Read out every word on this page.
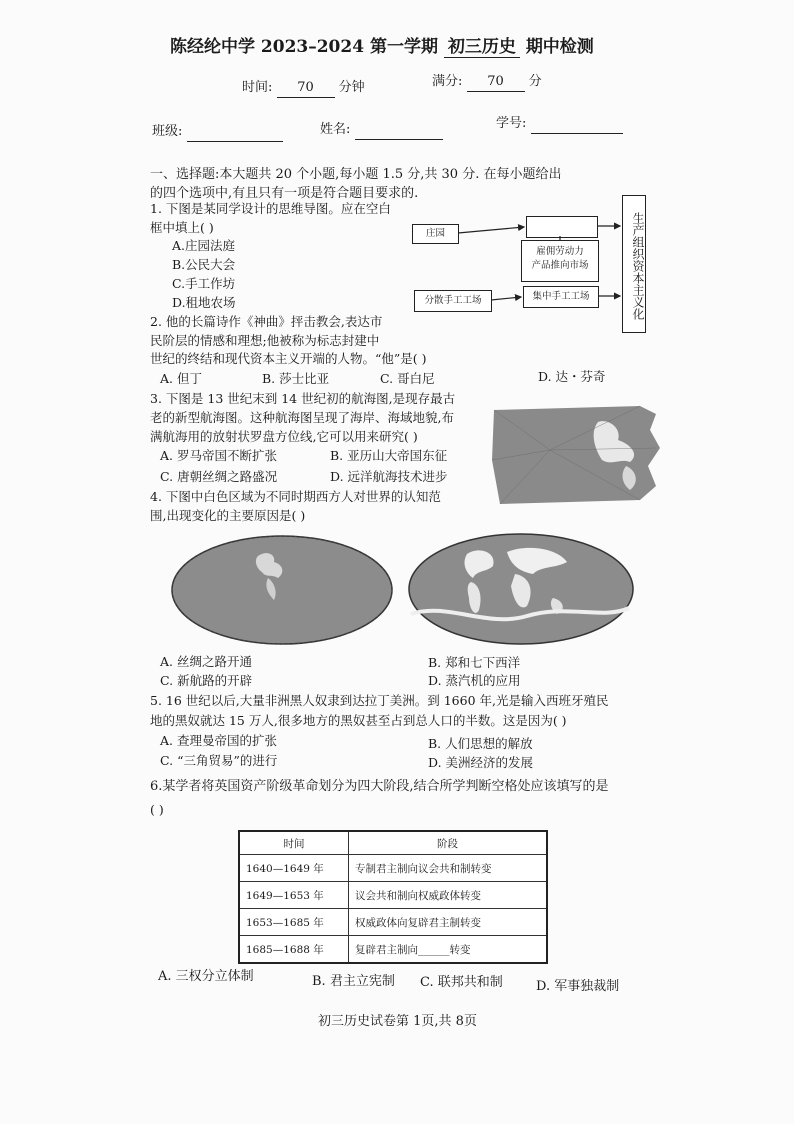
陈经纶中学 2023–2024 第一学期 初三历史 期中检测
时间: 70 分钟	满分: 70 分
班级:	姓名:	学号:
一、选择题:本大题共 20 个小题,每小题 1.5 分,共 30 分. 在每小题给出
的四个选项中,有且只有一项是符合题目要求的.
1. 下图是某同学设计的思维导图。应在空白
框中填上( )
A.庄园法庭
B.公民大会
C.手工作坊
D.租地农场
庄园
雇佣劳动力
产品推向市场
分散手工工场	集中手工工场	生产组织资本主义化
2. 他的长篇诗作《神曲》抨击教会,表达市
民阶层的情感和理想;他被称为标志封建中
世纪的终结和现代资本主义开端的人物。“他”是( )
A. 但丁	B. 莎士比亚	C. 哥白尼	D. 达・芬奇
3. 下图是 13 世纪末到 14 世纪初的航海图,是现存最古
老的新型航海图。这种航海图呈现了海岸、海域地貌,布
满航海用的放射状罗盘方位线,它可以用来研究( )
A. 罗马帝国不断扩张	B. 亚历山大帝国东征
C. 唐朝丝绸之路盛况	D. 远洋航海技术进步
4. 下图中白色区域为不同时期西方人对世界的认知范
围,出现变化的主要原因是( )
A. 丝绸之路开通	B. 郑和七下西洋
C. 新航路的开辟	D. 蒸汽机的应用
5. 16 世纪以后,大量非洲黑人奴隶到达拉丁美洲。到 1660 年,光是输入西班牙殖民
地的黑奴就达 15 万人,很多地方的黑奴甚至占到总人口的半数。这是因为( )
A. 查理曼帝国的扩张	B. 人们思想的解放
C. “三角贸易”的进行	D. 美洲经济的发展
6.某学者将英国资产阶级革命划分为四大阶段,结合所学判断空格处应该填写的是
( )
时间	阶段
1640—1649 年	专制君主制向议会共和制转变
1649—1653 年	议会共和制向权威政体转变
1653—1685 年	权威政体向复辟君主制转变
1685—1688 年	复辟君主制向______转变
A. 三权分立体制	B. 君主立宪制 C. 联邦共和制	D. 军事独裁制
初三历史试卷第 1页,共 8页
